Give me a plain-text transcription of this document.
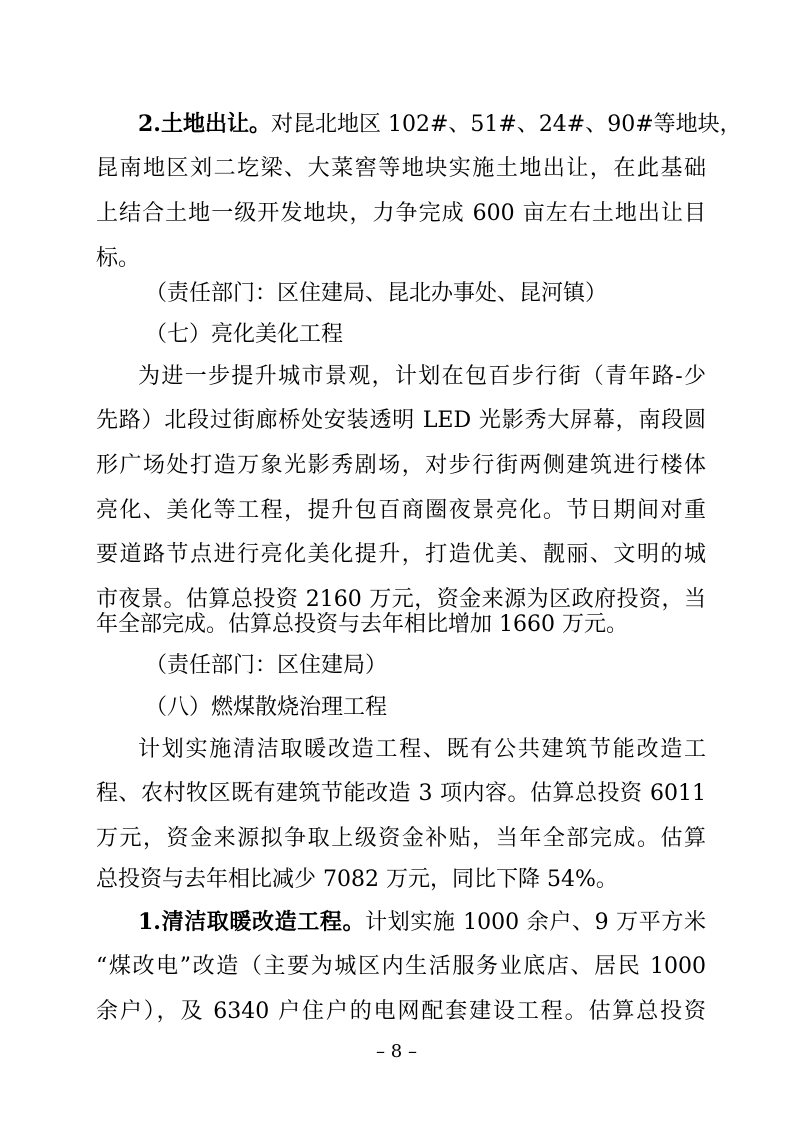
2.土地出让。对昆北地区 102#、51#、24#、90#等地块，
昆南地区刘二圪梁、大菜窖等地块实施土地出让，在此基础
上结合土地一级开发地块，力争完成 600 亩左右土地出让目
标。
（责任部门：区住建局、昆北办事处、昆河镇）
（七）亮化美化工程
为进一步提升城市景观，计划在包百步行街（青年路-少
先路）北段过街廊桥处安装透明 LED 光影秀大屏幕，南段圆
形广场处打造万象光影秀剧场，对步行街两侧建筑进行楼体
亮化、美化等工程，提升包百商圈夜景亮化。节日期间对重
要道路节点进行亮化美化提升，打造优美、靓丽、文明的城
市夜景。估算总投资 2160 万元，资金来源为区政府投资，当
年全部完成。估算总投资与去年相比增加 1660 万元。
（责任部门：区住建局）
（八）燃煤散烧治理工程
计划实施清洁取暖改造工程、既有公共建筑节能改造工
程、农村牧区既有建筑节能改造 3 项内容。估算总投资 6011
万元，资金来源拟争取上级资金补贴，当年全部完成。估算
总投资与去年相比减少 7082 万元，同比下降 54%。
1.清洁取暖改造工程。计划实施 1000 余户、9 万平方米
“煤改电”改造（主要为城区内生活服务业底店、居民 1000
余户），及 6340 户住户的电网配套建设工程。估算总投资
– 8 –
